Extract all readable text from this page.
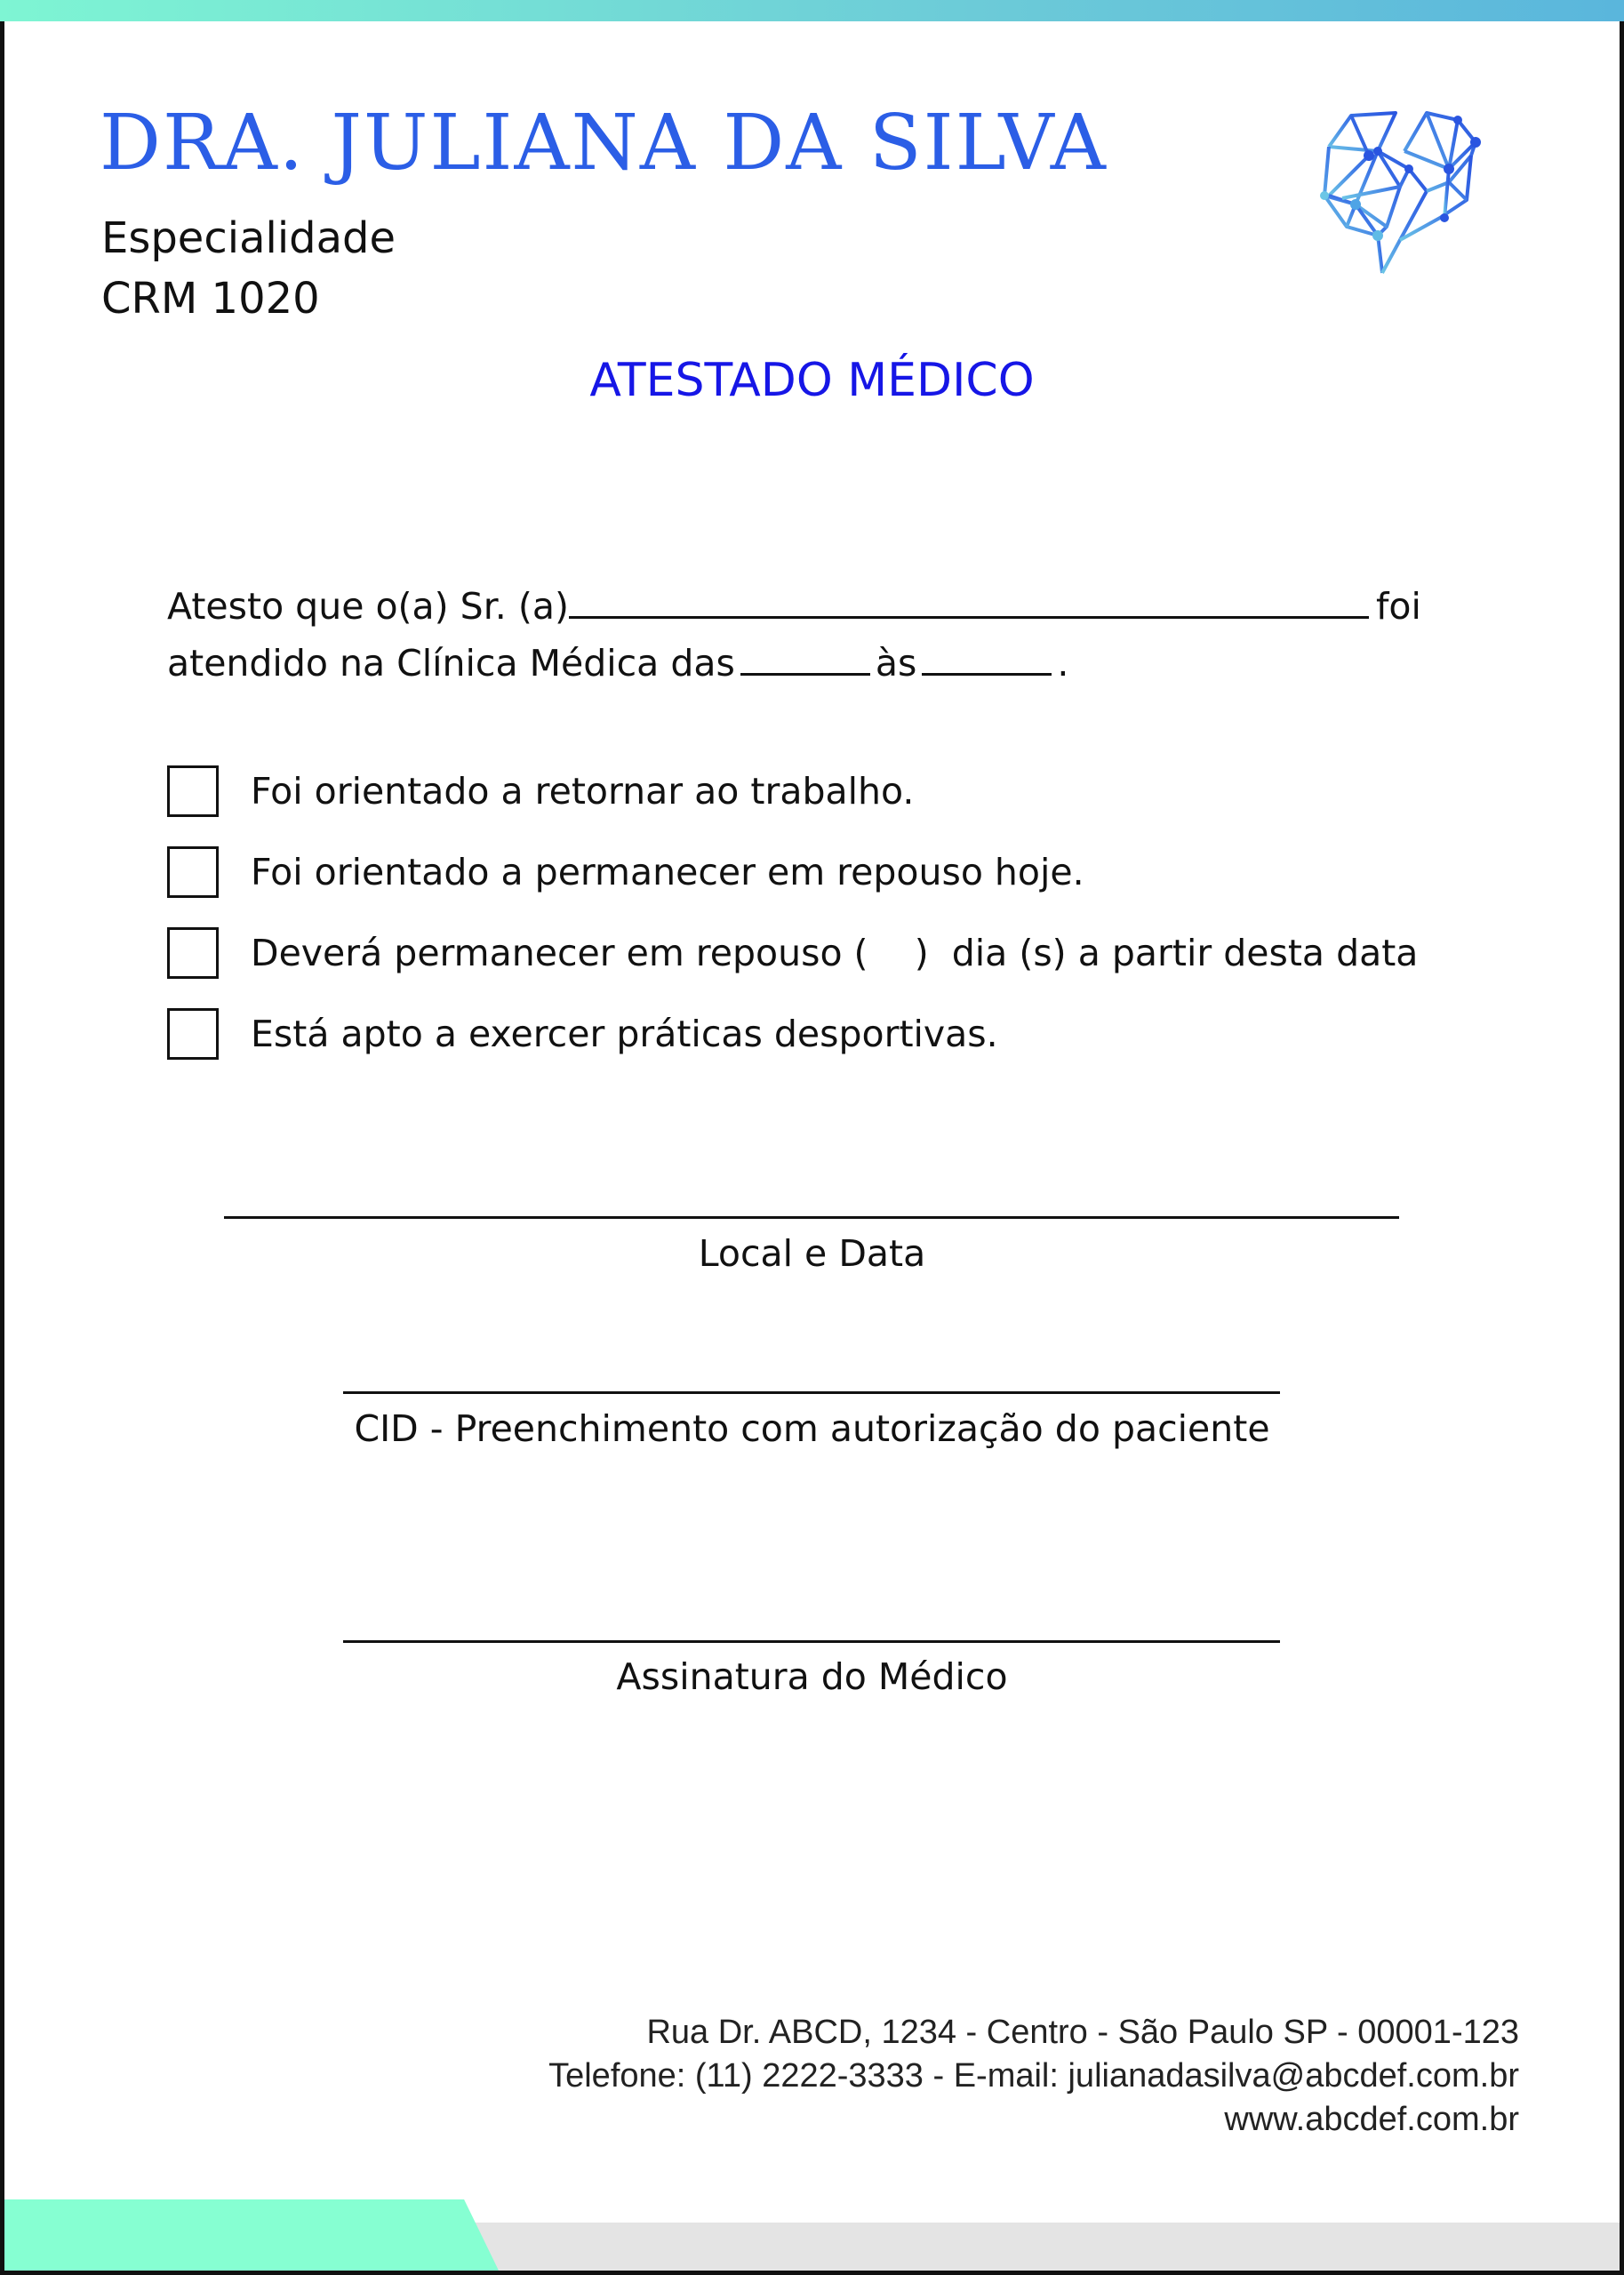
DRA. JULIANA DA SILVA
Especialidade
CRM 1020
ATESTADO MÉDICO
Atesto que o(a) Sr. (a)	foi
atendido na Clínica Médica das	às	.
Foi orientado a retornar ao trabalho.
Foi orientado a permanecer em repouso hoje.
Deverá permanecer em repouso (    )  dia (s) a partir desta data
Está apto a exercer práticas desportivas.
Local e Data
CID - Preenchimento com autorização do paciente
Assinatura do Médico
Rua Dr. ABCD, 1234 - Centro - São Paulo SP - 00001-123
Telefone: (11) 2222-3333 - E-mail: julianadasilva@abcdef.com.br
www.abcdef.com.br
